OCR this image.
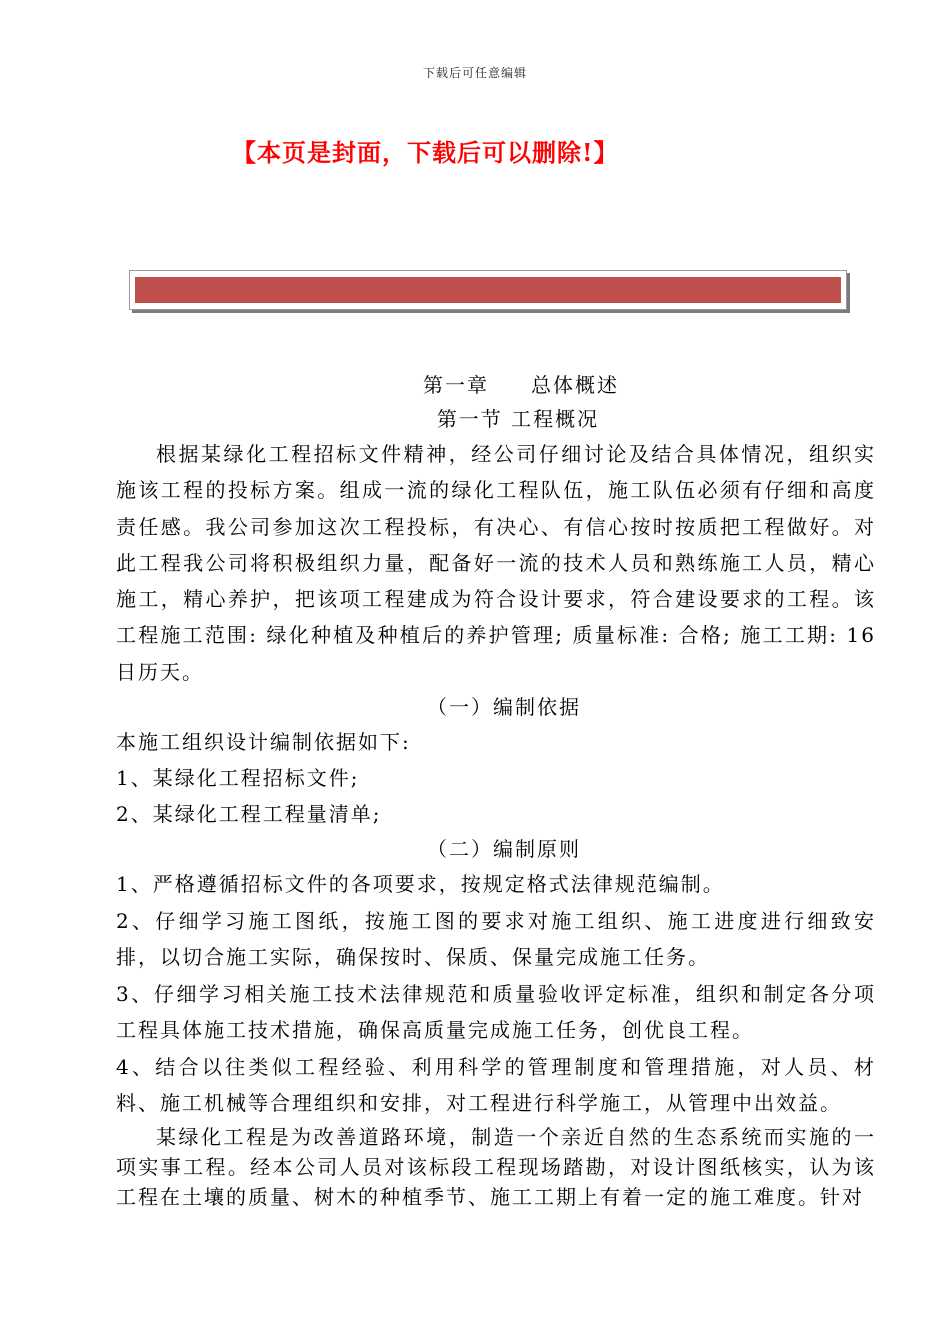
下载后可任意编辑
【本页是封面，下载后可以删除!】
第一章 总体概述
第一节 工程概况

根据某绿化工程招标文件精神，经公司仔细讨论及结合具体情况，组织实施该工程的投标方案。组成一流的绿化工程队伍，施工队伍必须有仔细和高度责任感。我公司参加这次工程投标，有决心、有信心按时按质把工程做好。对此工程我公司将积极组织力量，配备好一流的技术人员和熟练施工人员，精心施工，精心养护，把该项工程建成为符合设计要求，符合建设要求的工程。该工程施工范围: 绿化种植及种植后的养护管理; 质量标准: 合格; 施工工期: 16日历天。

（一）编制依据

本施工组织设计编制依据如下:

1、某绿化工程招标文件;

2、某绿化工程工程量清单;

（二）编制原则

1、严格遵循招标文件的各项要求，按规定格式法律规范编制。

2、仔细学习施工图纸，按施工图的要求对施工组织、施工进度进行细致安排，以切合施工实际，确保按时、保质、保量完成施工任务。

3、仔细学习相关施工技术法律规范和质量验收评定标准，组织和制定各分项工程具体施工技术措施，确保高质量完成施工任务，创优良工程。

4、结合以往类似工程经验、利用科学的管理制度和管理措施，对人员、材料、施工机械等合理组织和安排，对工程进行科学施工，从管理中出效益。

某绿化工程是为改善道路环境，制造一个亲近自然的生态系统而实施的一项实事工程。经本公司人员对该标段工程现场踏勘，对设计图纸核实，认为该工程在土壤的质量、树木的种植季节、施工工期上有着一定的施工难度。针对
